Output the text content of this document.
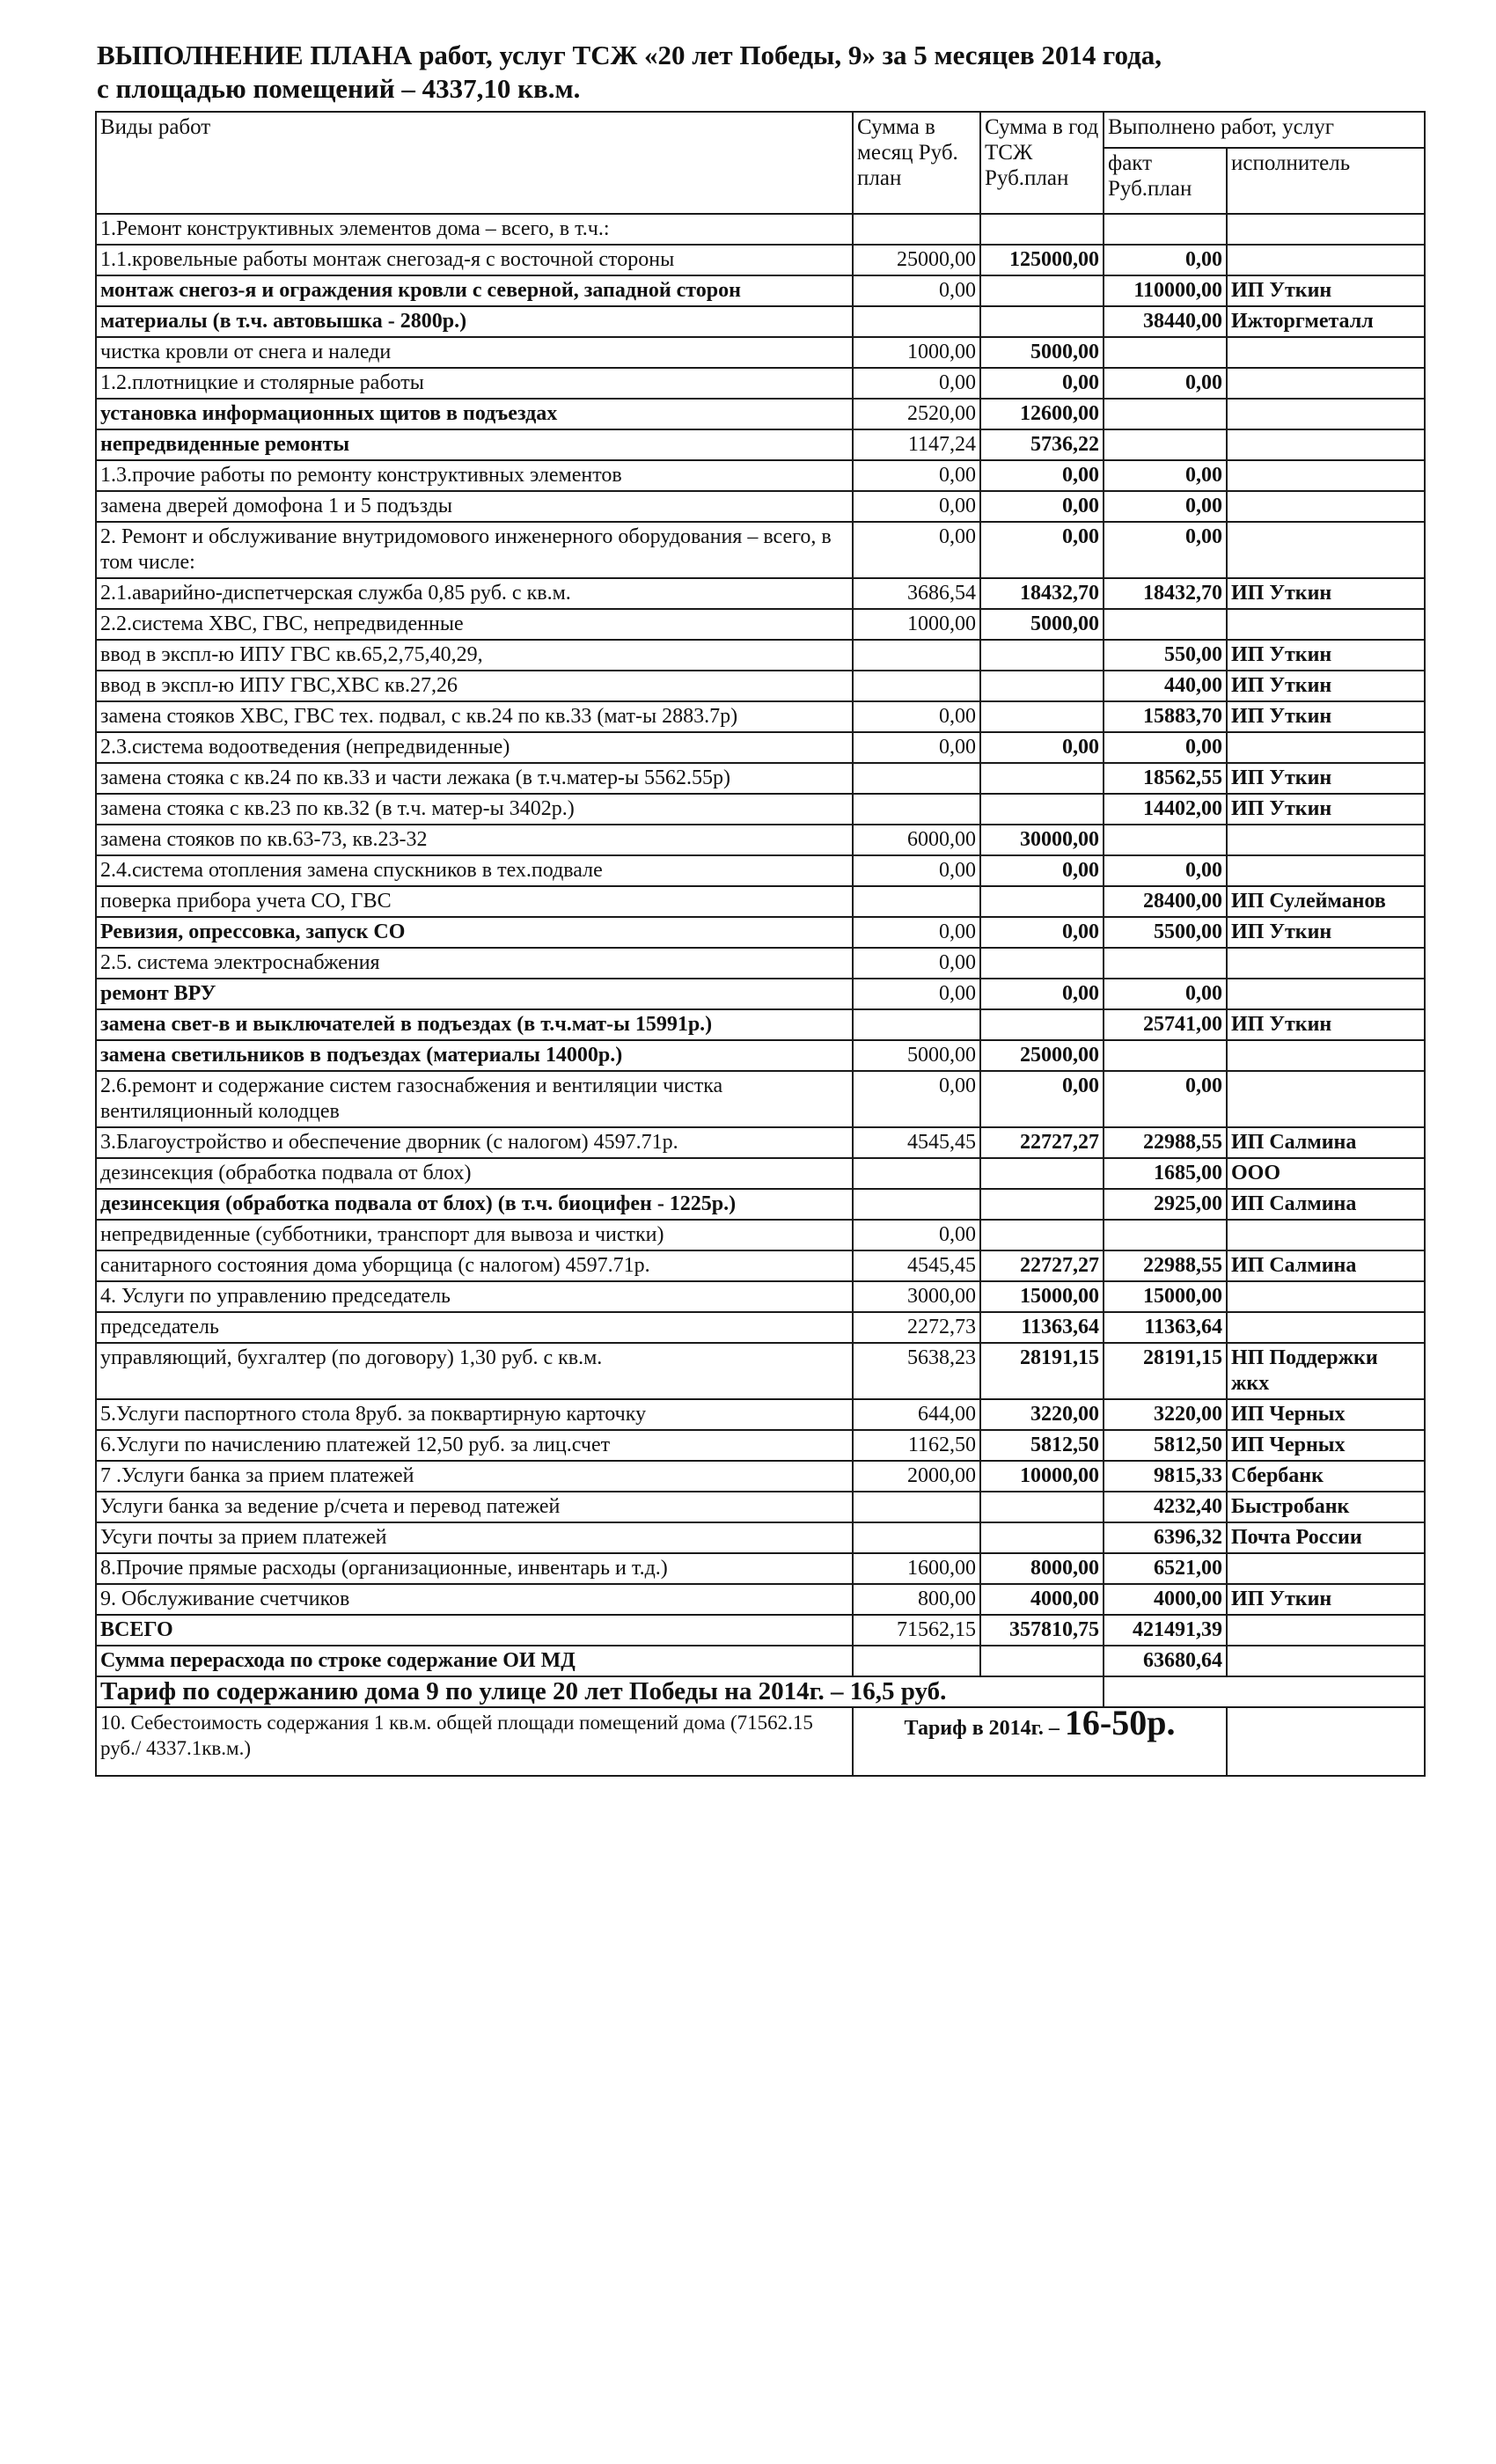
ВЫПОЛНЕНИЕ ПЛАНА работ, услуг ТСЖ «20 лет Победы, 9» за 5 месяцев 2014 года,
с площадью помещений – 4337,10 кв.м.
Виды работ	Сумма в месяц Руб. план	Сумма в год ТСЖ Руб.план	Выполнено работ, услуг	
			факт Руб.план	исполнитель
1.Ремонт конструктивных элементов дома – всего, в т.ч.:				
1.1.кровельные работы монтаж снегозад-я с восточной стороны	25000,00	125000,00	0,00	
монтаж снегоз-я и ограждения кровли с северной, западной сторон	0,00		110000,00	ИП Уткин
материалы (в т.ч. автовышка - 2800р.)			38440,00	Ижторгметалл
чистка кровли от снега и наледи	1000,00	5000,00		
1.2.плотницкие и столярные работы	0,00	0,00	0,00	
установка информационных щитов в подъездах	2520,00	12600,00		
непредвиденные ремонты	1147,24	5736,22		
1.3.прочие работы по ремонту конструктивных элементов	0,00	0,00	0,00	
замена дверей домофона 1 и 5 подъзды	0,00	0,00	0,00	
2. Ремонт и обслуживание внутридомового инженерного оборудования – всего, в том числе:	0,00	0,00	0,00	
2.1.аварийно-диспетчерская служба 0,85 руб. с кв.м.	3686,54	18432,70	18432,70	ИП Уткин
2.2.система ХВС, ГВС, непредвиденные	1000,00	5000,00		
ввод в экспл-ю ИПУ ГВС кв.65,2,75,40,29,			550,00	ИП Уткин
ввод в экспл-ю ИПУ ГВС,ХВС кв.27,26			440,00	ИП Уткин
замена стояков ХВС, ГВС тех. подвал, с кв.24 по кв.33 (мат-ы 2883.7р)	0,00		15883,70	ИП Уткин
2.3.система водоотведения (непредвиденные)	0,00	0,00	0,00	
замена стояка с кв.24 по кв.33 и части лежака (в т.ч.матер-ы 5562.55р)			18562,55	ИП Уткин
замена стояка с кв.23 по кв.32 (в т.ч. матер-ы 3402р.)			14402,00	ИП Уткин
замена стояков по кв.63-73, кв.23-32	6000,00	30000,00		
2.4.система отопления замена спускников в тех.подвале	0,00	0,00	0,00	
поверка прибора учета СО, ГВС			28400,00	ИП Сулейманов
Ревизия, опрессовка, запуск СО	0,00	0,00	5500,00	ИП Уткин
2.5. система электроснабжения	0,00			
ремонт ВРУ	0,00	0,00	0,00	
замена свет-в и выключателей в подъездах (в т.ч.мат-ы 15991р.)			25741,00	ИП Уткин
замена светильников в подъездах (материалы 14000р.)	5000,00	25000,00		
2.6.ремонт и содержание систем газоснабжения и вентиляции чистка вентиляционный колодцев	0,00	0,00	0,00	
3.Благоустройство и обеспечение дворник (с налогом) 4597.71р.	4545,45	22727,27	22988,55	ИП Салмина
дезинсекция (обработка подвала от блох)			1685,00	ООО
дезинсекция (обработка подвала от блох) (в т.ч. биоцифен - 1225р.)			2925,00	ИП Салмина
непредвиденные (субботники, транспорт для вывоза и чистки)	0,00			
санитарного состояния дома уборщица (с налогом) 4597.71р.	4545,45	22727,27	22988,55	ИП Салмина
4. Услуги по управлению председатель	3000,00	15000,00	15000,00	
председатель	2272,73	11363,64	11363,64	
управляющий, бухгалтер (по договору) 1,30 руб. с кв.м.	5638,23	28191,15	28191,15	НП Поддержки жкх
5.Услуги паспортного стола 8руб. за поквартирную карточку	644,00	3220,00	3220,00	ИП Черных
6.Услуги по начислению платежей 12,50 руб. за лиц.счет	1162,50	5812,50	5812,50	ИП Черных
7 .Услуги банка за прием платежей	2000,00	10000,00	9815,33	Сбербанк
Услуги банка за ведение р/счета и перевод патежей			4232,40	Быстробанк
Усуги почты за прием платежей			6396,32	Почта России
8.Прочие прямые расходы (организационные, инвентарь и т.д.)	1600,00	8000,00	6521,00	
9. Обслуживание счетчиков	800,00	4000,00	4000,00	ИП Уткин
ВСЕГО	71562,15	357810,75	421491,39	
Сумма перерасхода по строке содержание ОИ МД			63680,64	
Тариф по содержанию дома 9 по улице 20 лет Победы на 2014г. – 16,5 руб.				
10. Себестоимость содержания 1 кв.м. общей площади помещений дома (71562.15 руб./ 4337.1кв.м.)	Тариф в 2014г. – 16-50р.			
